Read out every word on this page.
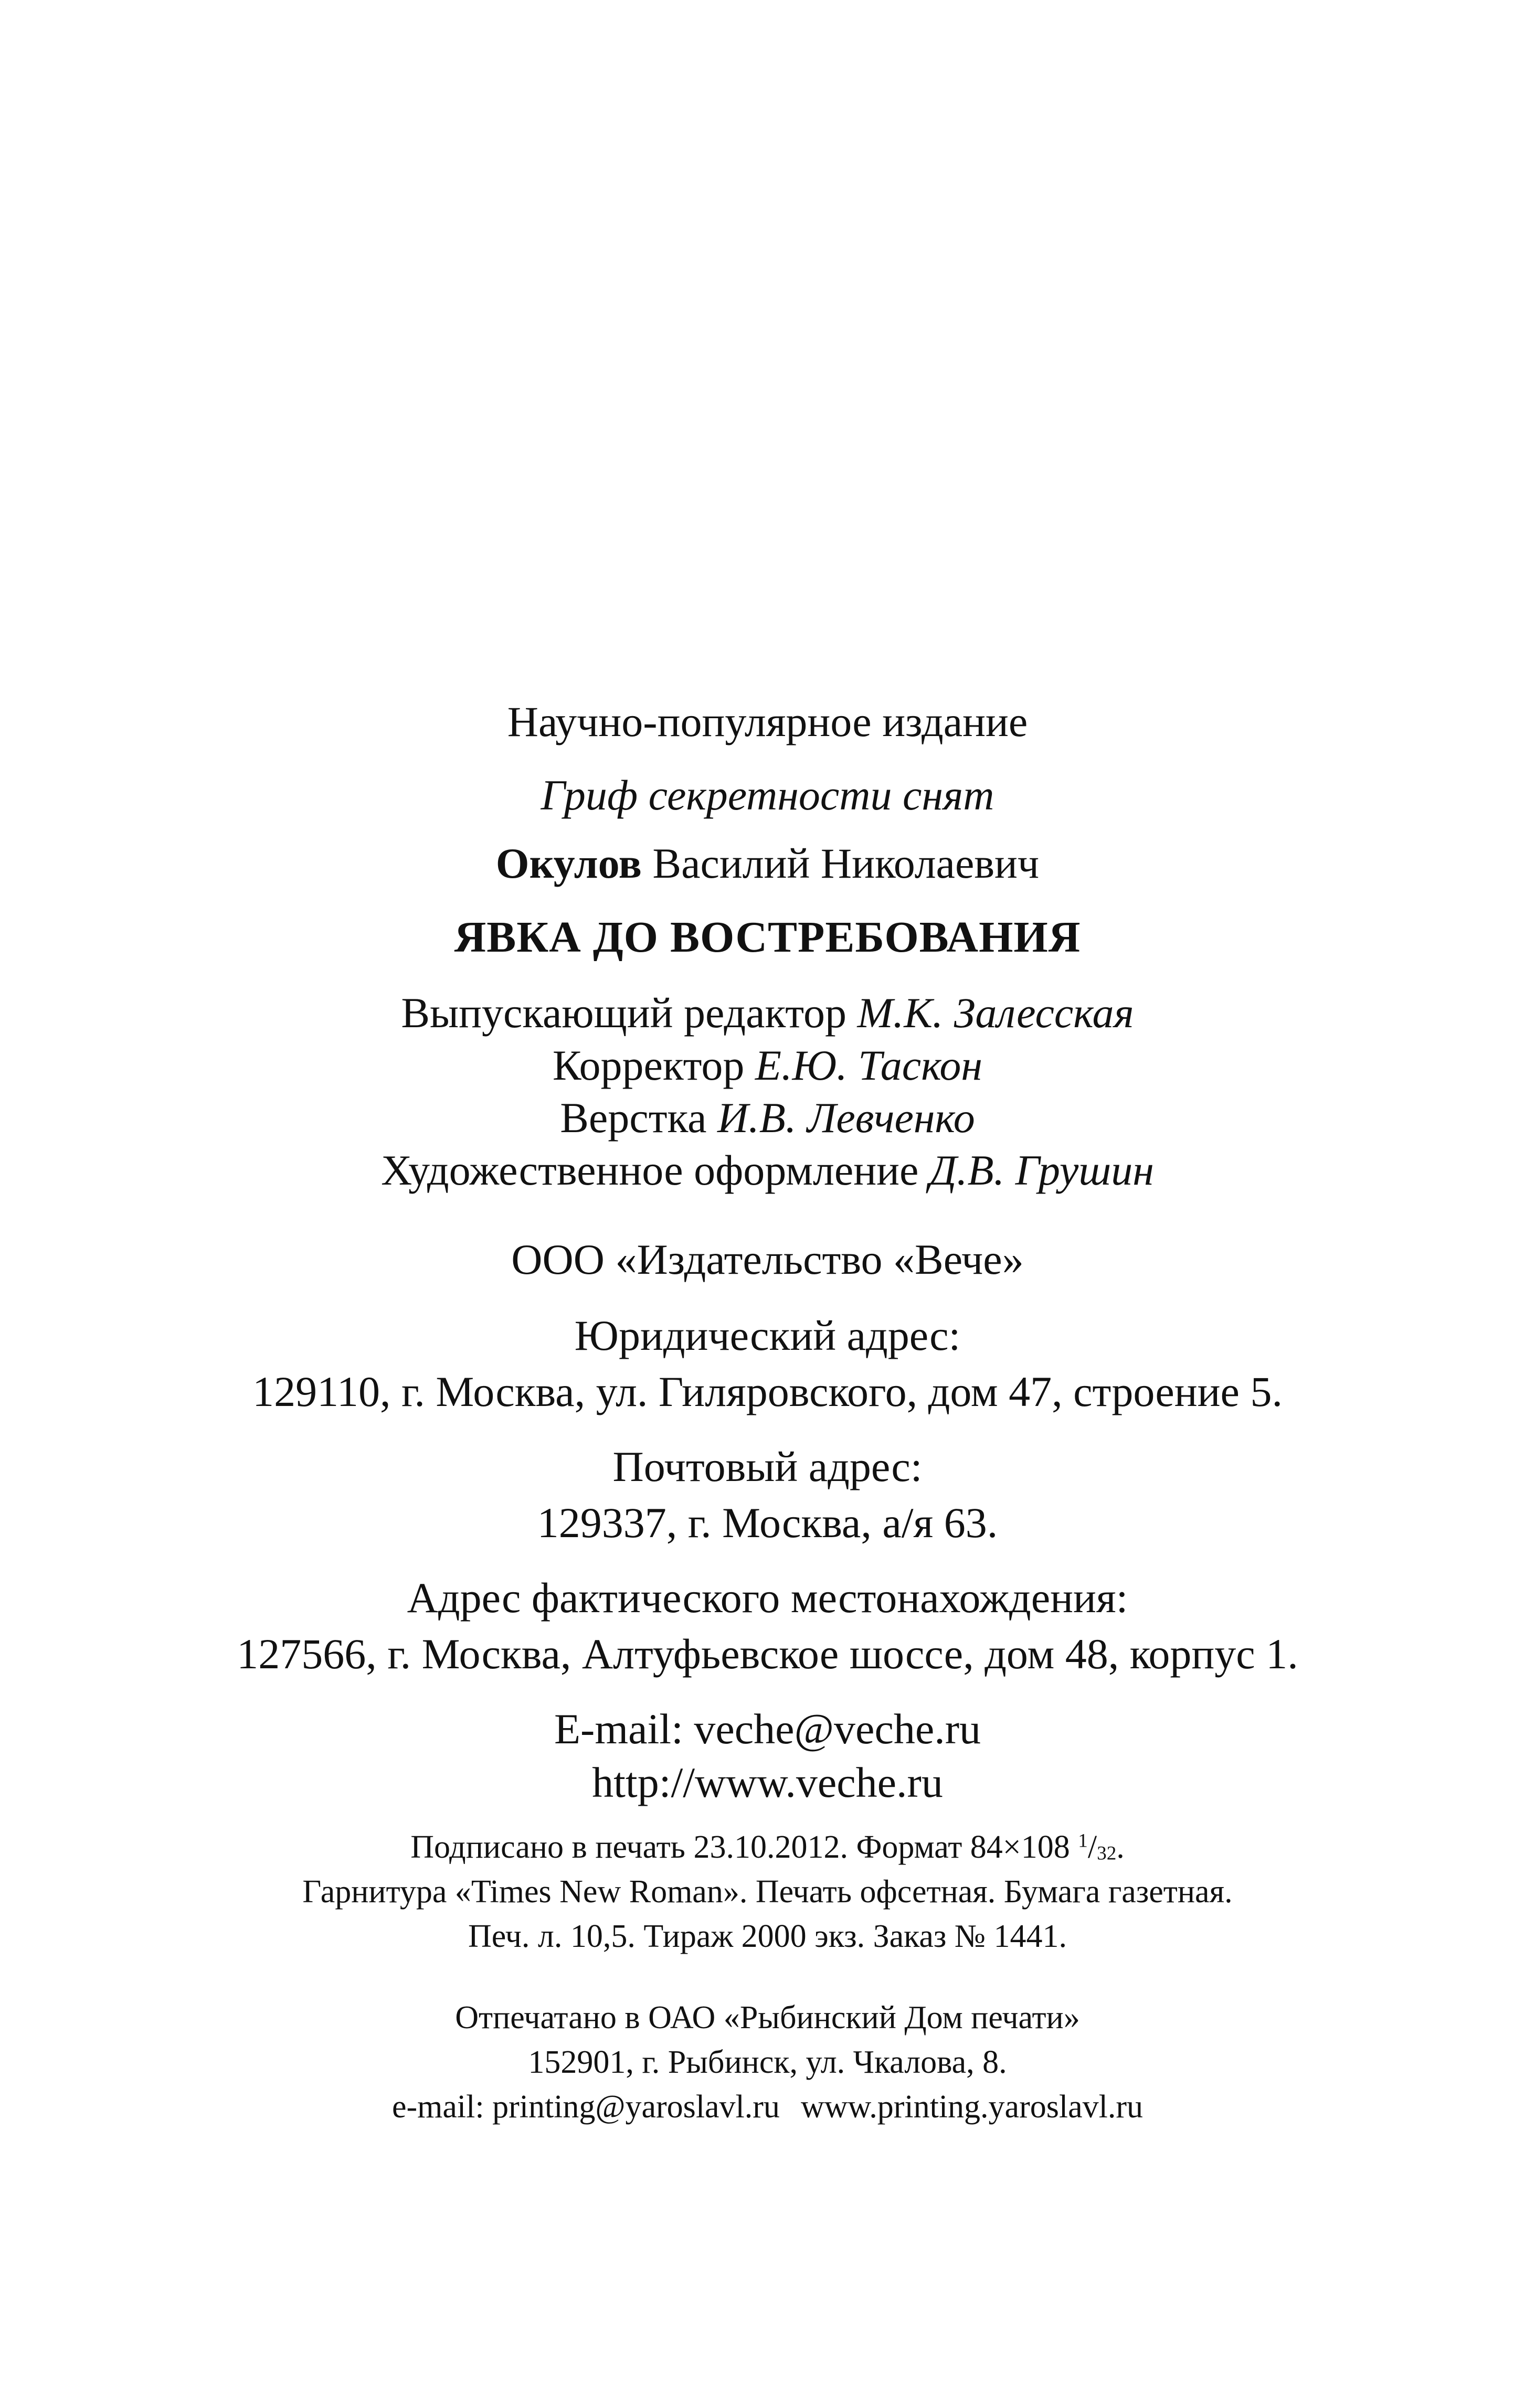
Научно-популярное издание
Гриф секретности снят
Окулов Василий Николаевич
ЯВКА ДО ВОСТРЕБОВАНИЯ
Выпускающий редактор М.К. Залесская
Корректор Е.Ю. Таскон
Верстка И.В. Левченко
Художественное оформление Д.В. Грушин
ООО «Издательство «Вече»
Юридический адрес:
129110, г. Москва, ул. Гиляровского, дом 47, строение 5.
Почтовый адрес:
129337, г. Москва, а/я 63.
Адрес фактического местонахождения:
127566, г. Москва, Алтуфьевское шоссе, дом 48, корпус 1.
E-mail: veche@veche.ru
http://www.veche.ru
Подписано в печать 23.10.2012. Формат 84×108 $^1$/32.
Гарнитура «Times New Roman». Печать офсетная. Бумага газетная.
Печ. л. 10,5. Тираж 2000 экз. Заказ № 1441.
Отпечатано в ОАО «Рыбинский Дом печати»
152901, г. Рыбинск, ул. Чкалова, 8.
e-mail: printing@yaroslavl.ru www.printing.yaroslavl.ru
